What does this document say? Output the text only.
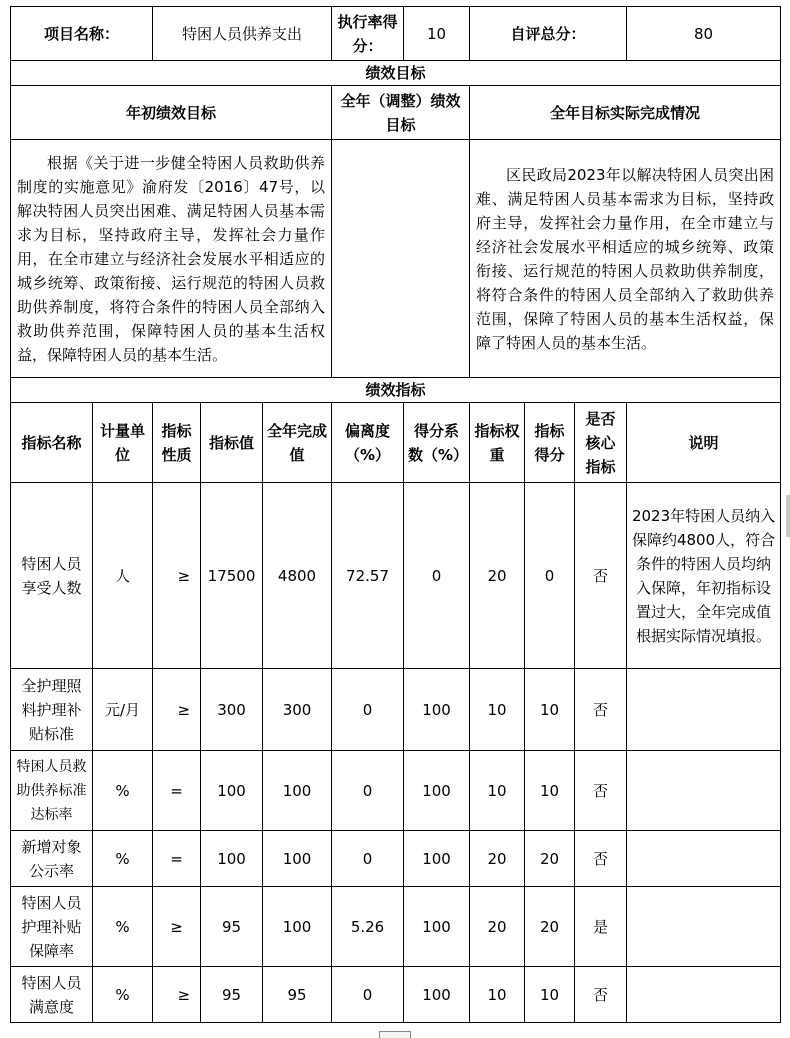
项目名称：		特困人员供养支出			执行率得分：	10	自评总分：			80
绩效目标										
年初绩效目标					全年（调整）绩效目标		全年目标实际完成情况			
根据《关于进一步健全特困人员救助供养制度的实施意见》渝府发〔2016〕47号，以解决特困人员突出困难、满足特困人员基本需求为目标，坚持政府主导，发挥社会力量作用，在全市建立与经济社会发展水平相适应的城乡统筹、政策衔接、运行规范的特困人员救助供养制度，将符合条件的特困人员全部纳入救助供养范围，保障特困人员的基本生活权益，保障特困人员的基本生活。							区民政局2023年以解决特困人员突出困难、满足特困人员基本需求为目标，坚持政府主导，发挥社会力量作用，在全市建立与经济社会发展水平相适应的城乡统筹、政策衔接、运行规范的特困人员救助供养制度，将符合条件的特困人员全部纳入了救助供养范围，保障了特困人员的基本生活权益，保障了特困人员的基本生活。			
绩效指标										
指标名称	计量单位	指标性质	指标值	全年完成值	偏离度（%）	得分系数（%）	指标权重	指标得分	是否核心指标	说明
特困人员享受人数	人	≥	17500	4800	72.57	0	20	0	否	2023年特困人员纳入保障约4800人，符合条件的特困人员均纳入保障，年初指标设置过大，全年完成值根据实际情况填报。
全护理照料护理补贴标准	元/月	≥	300	300	0	100	10	10	否	
特困人员救助供养标准达标率	%	=	100	100	0	100	10	10	否	
新增对象公示率	%	=	100	100	0	100	20	20	否	
特困人员护理补贴保障率	%	≥	95	100	5.26	100	20	20	是	
特困人员满意度	%	≥	95	95	0	100	10	10	否	
